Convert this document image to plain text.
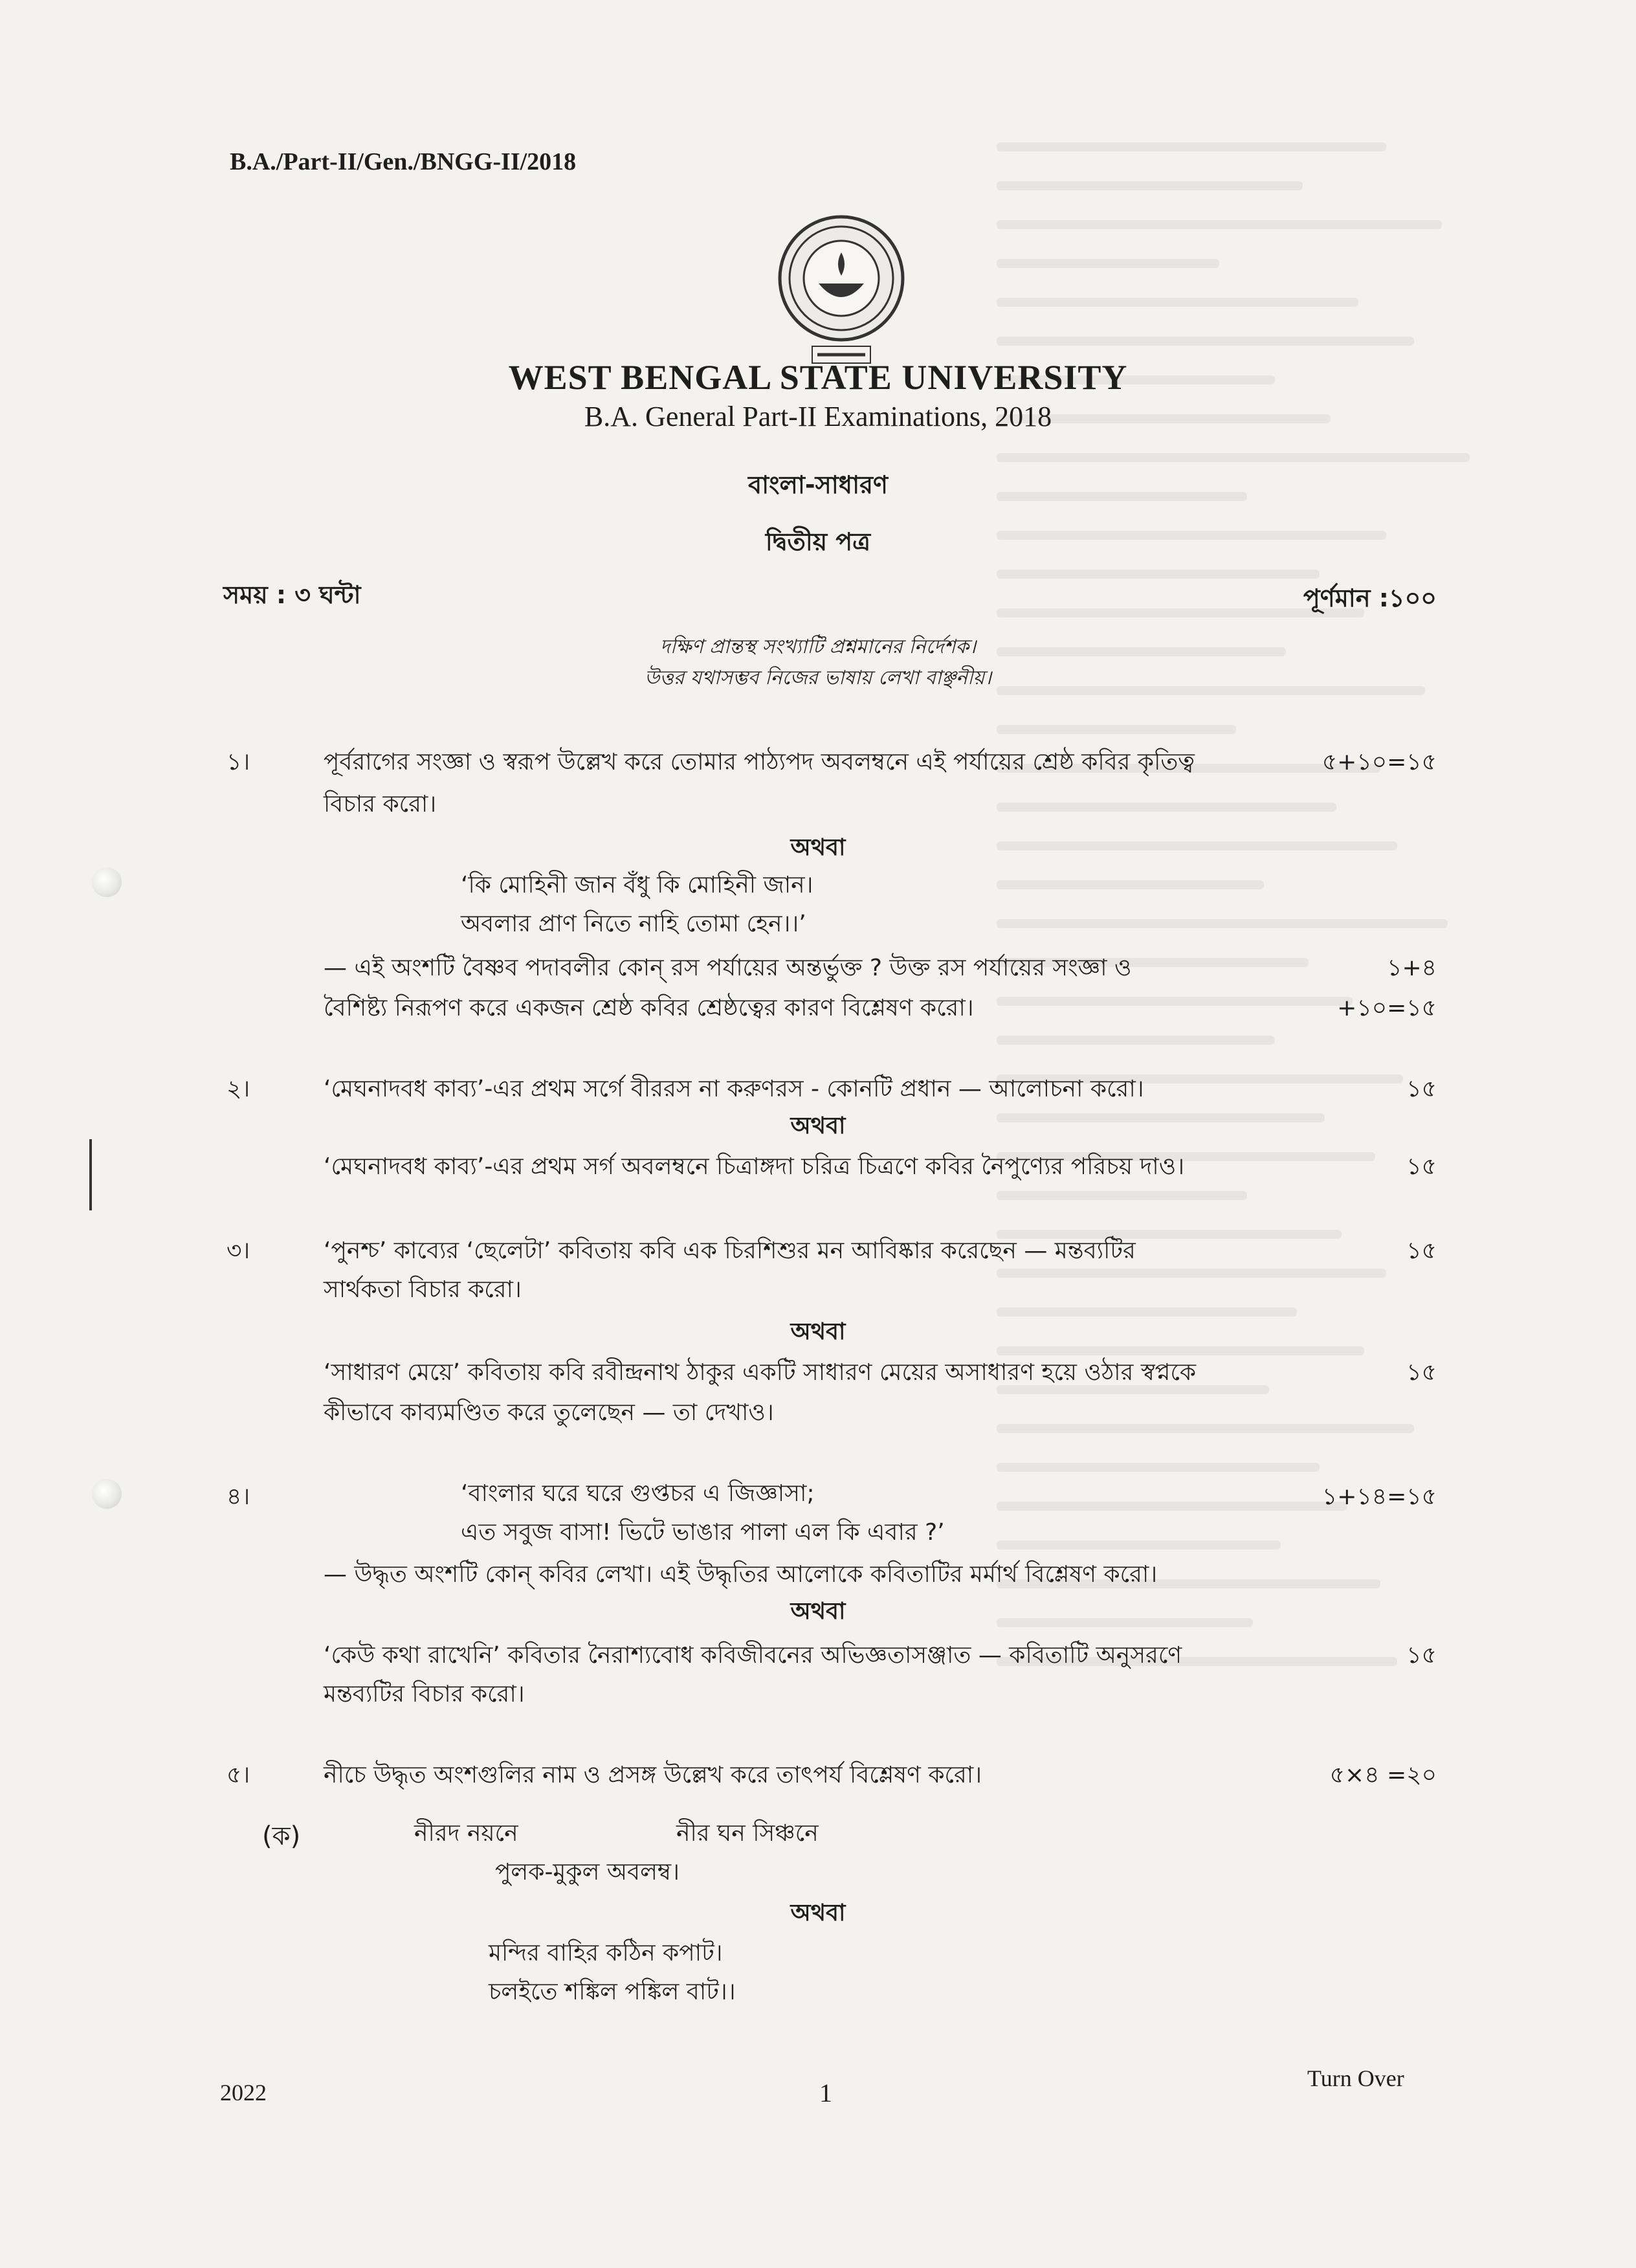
B.A./Part-II/Gen./BNGG-II/2018
WEST BENGAL STATE UNIVERSITY
B.A. General Part-II Examinations, 2018
বাংলা-সাধারণ
দ্বিতীয় পত্র
সময় : ৩ ঘন্টা	পূর্ণমান :১০০
দক্ষিণ প্রান্তস্থ সংখ্যাটি প্রশ্নমানের নির্দেশক।
উত্তর যথাসম্ভব নিজের ভাষায় লেখা বাঞ্ছনীয়।
১।	পূর্বরাগের সংজ্ঞা ও স্বরূপ উল্লেখ করে তোমার পাঠ্যপদ অবলম্বনে এই পর্যায়ের শ্রেষ্ঠ কবির কৃতিত্ব	৫+১০=১৫
বিচার করো।
অথবা
‘কি মোহিনী জান বঁধু কি মোহিনী জান।
অবলার প্রাণ নিতে নাহি তোমা হেন।।’
— এই অংশটি বৈষ্ণব পদাবলীর কোন্ রস পর্যায়ের অন্তর্ভুক্ত ? উক্ত রস পর্যায়ের সংজ্ঞা ও	১+৪
বৈশিষ্ট্য নিরূপণ করে একজন শ্রেষ্ঠ কবির শ্রেষ্ঠত্বের কারণ বিশ্লেষণ করো।	+১০=১৫
২।	‘মেঘনাদবধ কাব্য’-এর প্রথম সর্গে বীররস না করুণরস - কোনটি প্রধান — আলোচনা করো।	১৫
অথবা
‘মেঘনাদবধ কাব্য’-এর প্রথম সর্গ অবলম্বনে চিত্রাঙ্গদা চরিত্র চিত্রণে কবির নৈপুণ্যের পরিচয় দাও।	১৫
৩।	‘পুনশ্চ’ কাব্যের ‘ছেলেটা’ কবিতায় কবি এক চিরশিশুর মন আবিষ্কার করেছেন — মন্তব্যটির	১৫
সার্থকতা বিচার করো।
অথবা
‘সাধারণ মেয়ে’ কবিতায় কবি রবীন্দ্রনাথ ঠাকুর একটি সাধারণ মেয়ের অসাধারণ হয়ে ওঠার স্বপ্নকে	১৫
কীভাবে কাব্যমণ্ডিত করে তুলেছেন — তা দেখাও।
৪।	‘বাংলার ঘরে ঘরে গুপ্তচর এ জিজ্ঞাসা;	১+১৪=১৫
এত সবুজ বাসা! ভিটে ভাঙার পালা এল কি এবার ?’
— উদ্ধৃত অংশটি কোন্ কবির লেখা। এই উদ্ধৃতির আলোকে কবিতাটির মর্মার্থ বিশ্লেষণ করো।
অথবা
‘কেউ কথা রাখেনি’ কবিতার নৈরাশ্যবোধ কবিজীবনের অভিজ্ঞতাসঞ্জাত — কবিতাটি অনুসরণে	১৫
মন্তব্যটির বিচার করো।
৫।	নীচে উদ্ধৃত অংশগুলির নাম ও প্রসঙ্গ উল্লেখ করে তাৎপর্য বিশ্লেষণ করো।	৫×৪ =২০
(ক)	নীরদ নয়নে	নীর ঘন সিঞ্চনে
পুলক-মুকুল অবলম্ব।
অথবা
মন্দির বাহির কঠিন কপাট।
চলইতে শঙ্কিল পঙ্কিল বাট।।
2022	1	Turn Over
